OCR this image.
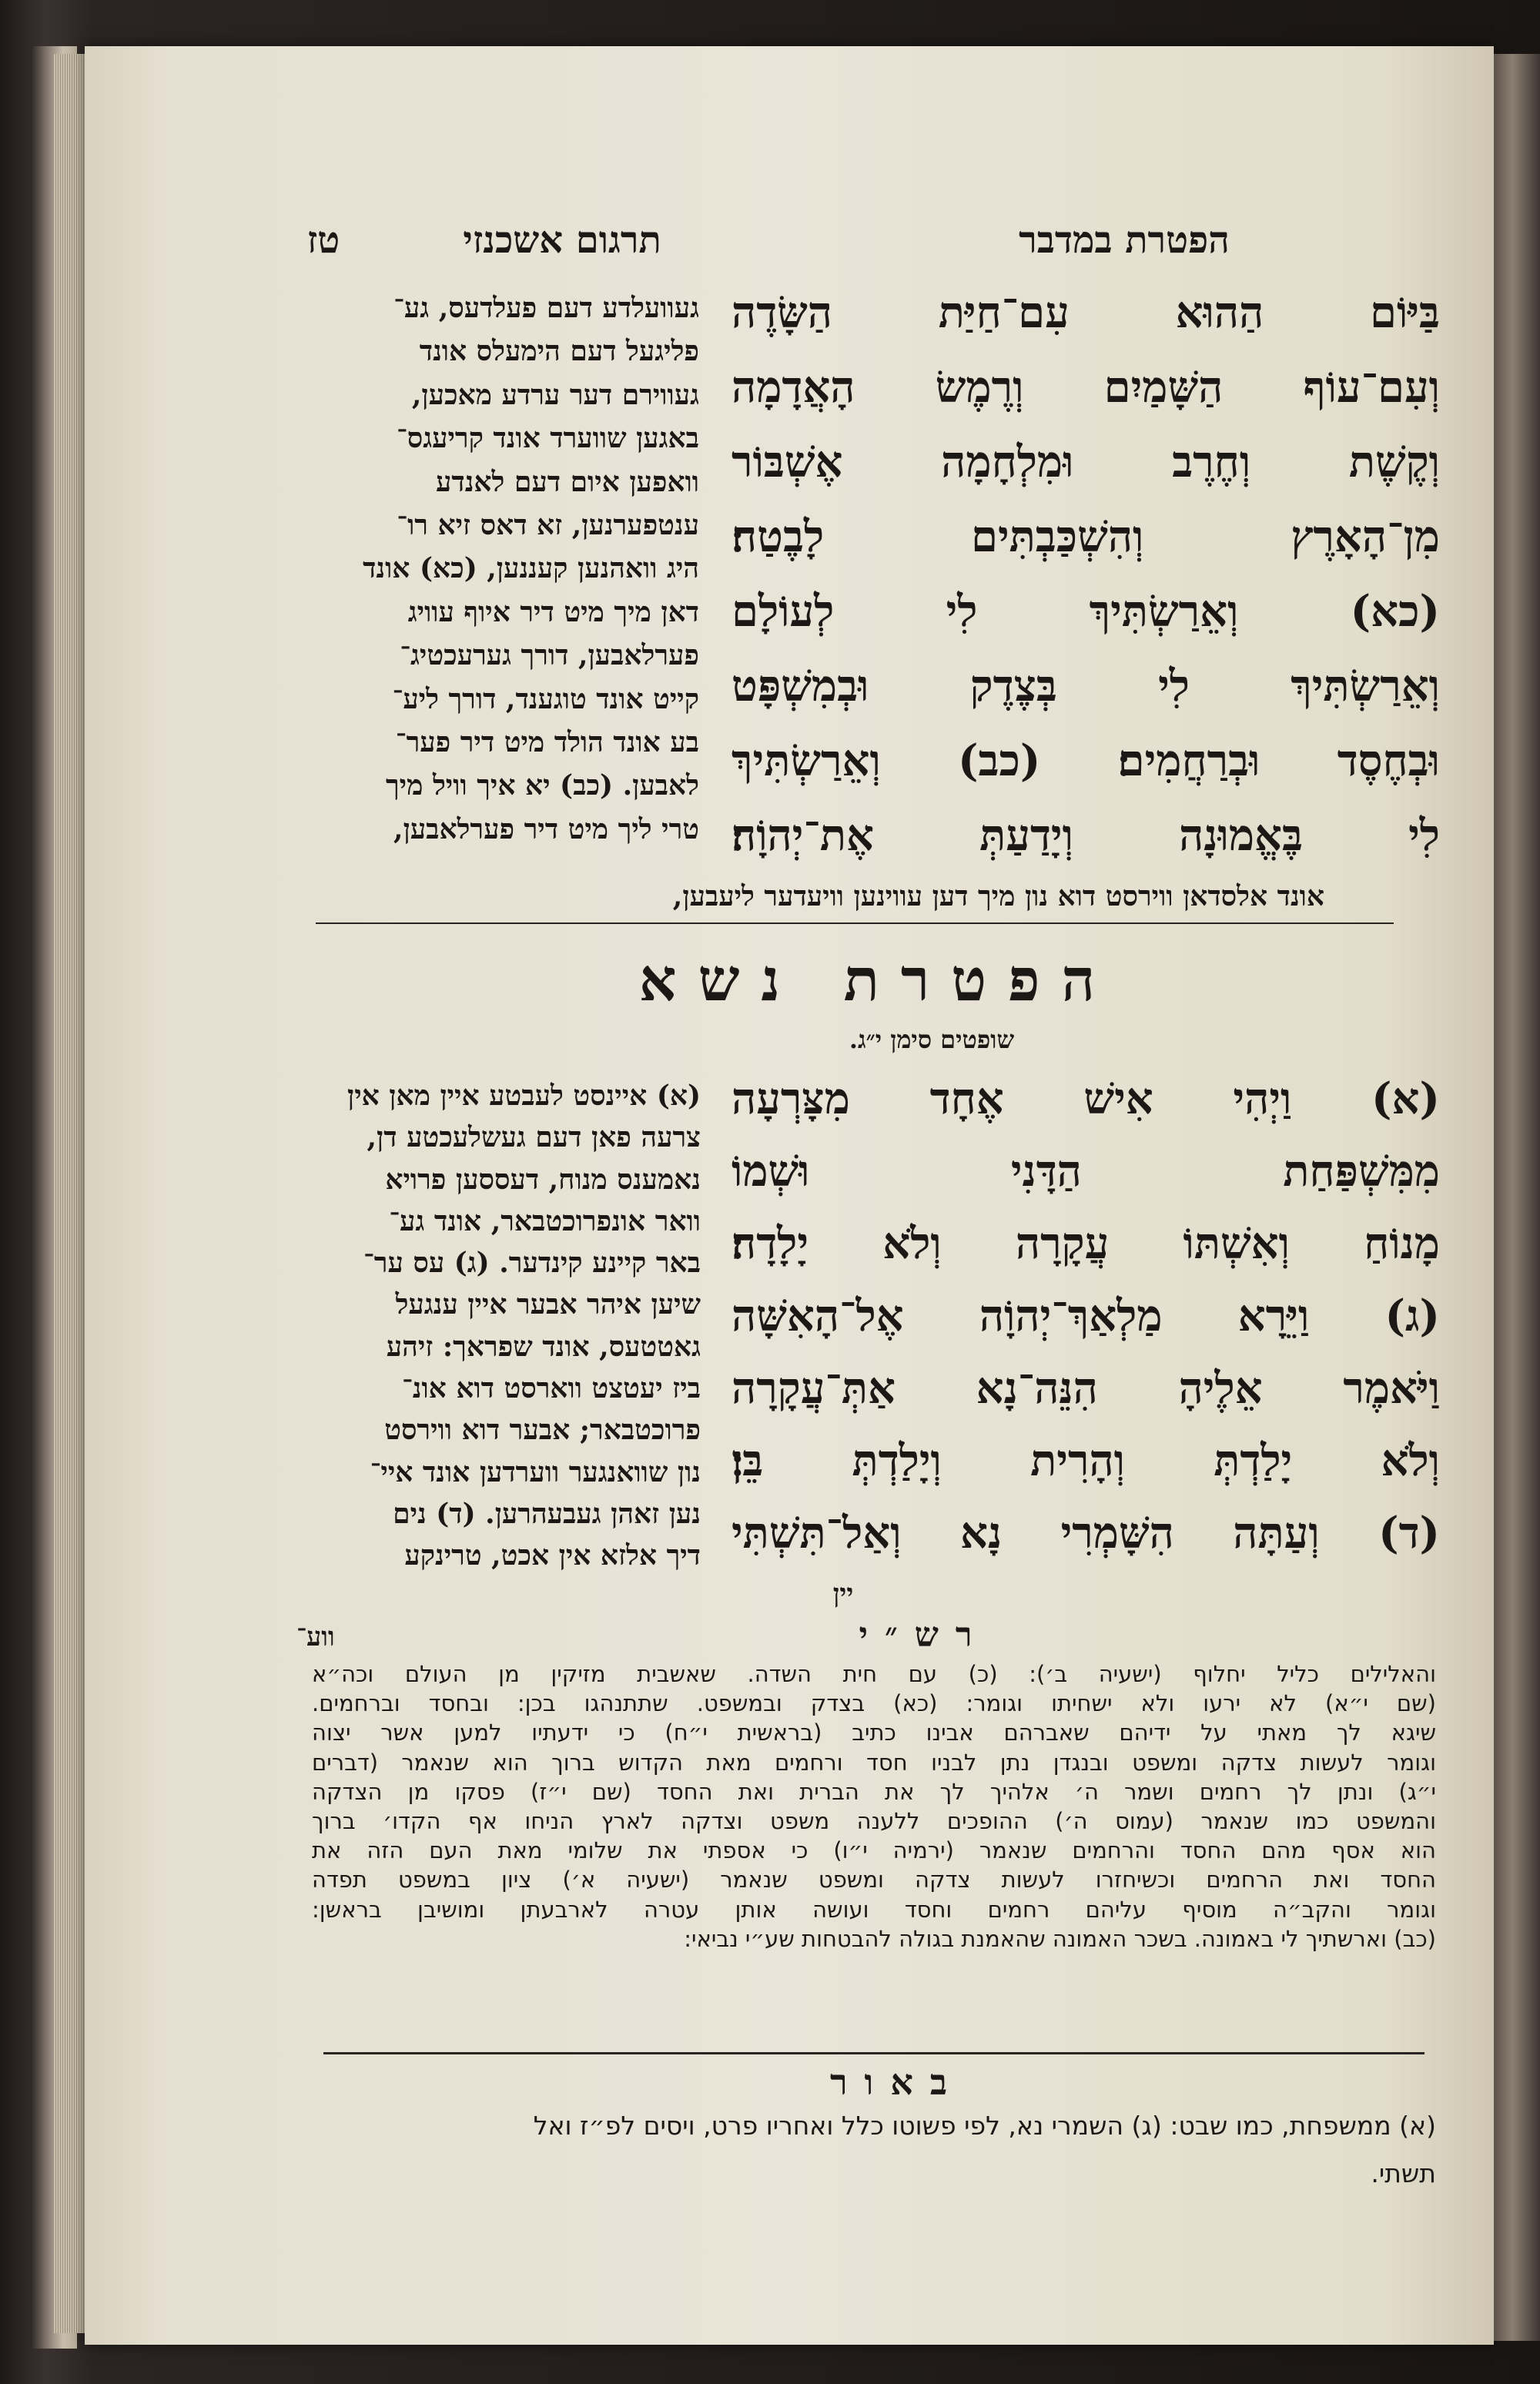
הפטרת במדבר
תרגום אשכנזי
טז
בַּיּוֹם הַהוּא עִם־חַיַּת הַשָּׂדֶה
וְעִם־עוֹף הַשָּׁמַיִם וְרֶמֶשׂ הָאֲדָמָה
וְקֶשֶׁת וְחֶרֶב וּמִלְחָמָה אֶשְׁבּוֹר
מִן־הָאָרֶץ וְהִשְׁכַּבְתִּים לָבֶטַח׃
(כא) וְאֵרַשְׂתִּיךְ לִי לְעוֹלָם
וְאֵרַשְׂתִּיךְ לִי בְּצֶדֶק וּבְמִשְׁפָּט
וּבְחֶסֶד וּבְרַחֲמִים׃ (כב) וְאֵרַשְׂתִּיךְ
לִי בֶּאֱמוּנָה וְיָדַעַתְּ אֶת־יְהוָֹה׃
געוועלדע דעם פעלדעס, גע־
פליגעל דעם הימעלס אונד
געווירם דער ערדע מאכען,
באגען שווערד אונד קריעגס־
וואפען איום דעם לאנדע
ענטפערנען, זא דאס זיא רו־
היג וואהנען קעננען, (כא) אונד
דאן מיך מיט דיר איוף עוויג
פערלאבען, דורך גערעכטיג־
קייט אונד טוגענד, דורך ליע־
בע אונד הולד מיט דיר פער־
לאבען. (כב) יא איך וויל מיך
טרי ליך מיט דיר פערלאבען,
אונד אלסדאן ווירסט דוא נון מיך דען עווינען וויעדער ליעבען,
הפטרת נשא
שופטים סימן י״ג.
(א) וַיְהִי אִישׁ אֶחָד מִצָּרְעָה
מִמִּשְׁפַּחַת הַדָּנִי וּשְׁמוֹ
מָנוֹחַ וְאִשְׁתּוֹ עֲקָרָה וְלֹא יָלָדָה׃
(ג) וַיֵּרָא מַלְאַךְ־יְהוָֹה אֶל־הָאִשָּׁה
וַיֹּאמֶר אֵלֶיהָ הִנֵּה־נָא אַתְּ־עֲקָרָה
וְלֹא יָלַדְתְּ וְהָרִית וְיָלַדְתְּ בֵּן׃
(ד) וְעַתָּה הִשָּׁמְרִי נָא וְאַל־תִּשְׁתִּי
יין
(א) איינסט לעבטע איין מאן אין
צרעה פאן דעם געשלעכטע דן,
נאמענס מנוח, דעססען פרויא
וואר אונפרוכטבאר, אונד גע־
באר קיינע קינדער. (ג) עס ער־
שיען איהר אבער איין ענגעל
גאטטעס, אונד שפראך: זיהע
ביז יעטצט ווארסט דוא אונ־
פרוכטבאר; אבער דוא ווירסט
נון שוואנגער ווערדען אונד איי־
נען זאהן געבעהרען. (ד) נים
דיך אלזא אין אכט, טרינקע
ווע־	רש״י
והאלילים כליל יחלוף (ישעיה ב׳): (כ) עם חית השדה. שאשבית מזיקין מן העולם וכה״א
(שם י״א) לא ירעו ולא ישחיתו וגומר: (כא) בצדק ובמשפט. שתתנהגו בכן: ובחסד וברחמים.
שיגא לך מאתי על ידיהם שאברהם אבינו כתיב (בראשית י״ח) כי ידעתיו למען אשר יצוה
וגומר לעשות צדקה ומשפט ובנגדן נתן לבניו חסד ורחמים מאת הקדוש ברוך הוא שנאמר (דברים
י״ג) ונתן לך רחמים ושמר ה׳ אלהיך לך את הברית ואת החסד (שם י״ז) פסקו מן הצדקה
והמשפט כמו שנאמר (עמוס ה׳) ההופכים ללענה משפט וצדקה לארץ הניחו אף הקדו׳ ברוך
הוא אסף מהם החסד והרחמים שנאמר (ירמיה י״ו) כי אספתי את שלומי מאת העם הזה את
החסד ואת הרחמים וכשיחזרו לעשות צדקה ומשפט שנאמר (ישעיה א׳) ציון במשפט תפדה
וגומר והקב״ה מוסיף עליהם רחמים וחסד ועושה אותן עטרה לארבעתן ומושיבן בראשן:
(כב) וארשתיך לי באמונה. בשכר האמונה שהאמנת בגולה להבטחות שע״י נביאי:
באור
(א) ממשפחת, כמו שבט: (ג) השמרי נא, לפי פשוטו כלל ואחריו פרט, ויסים לפ״ז ואל
תשתי.
